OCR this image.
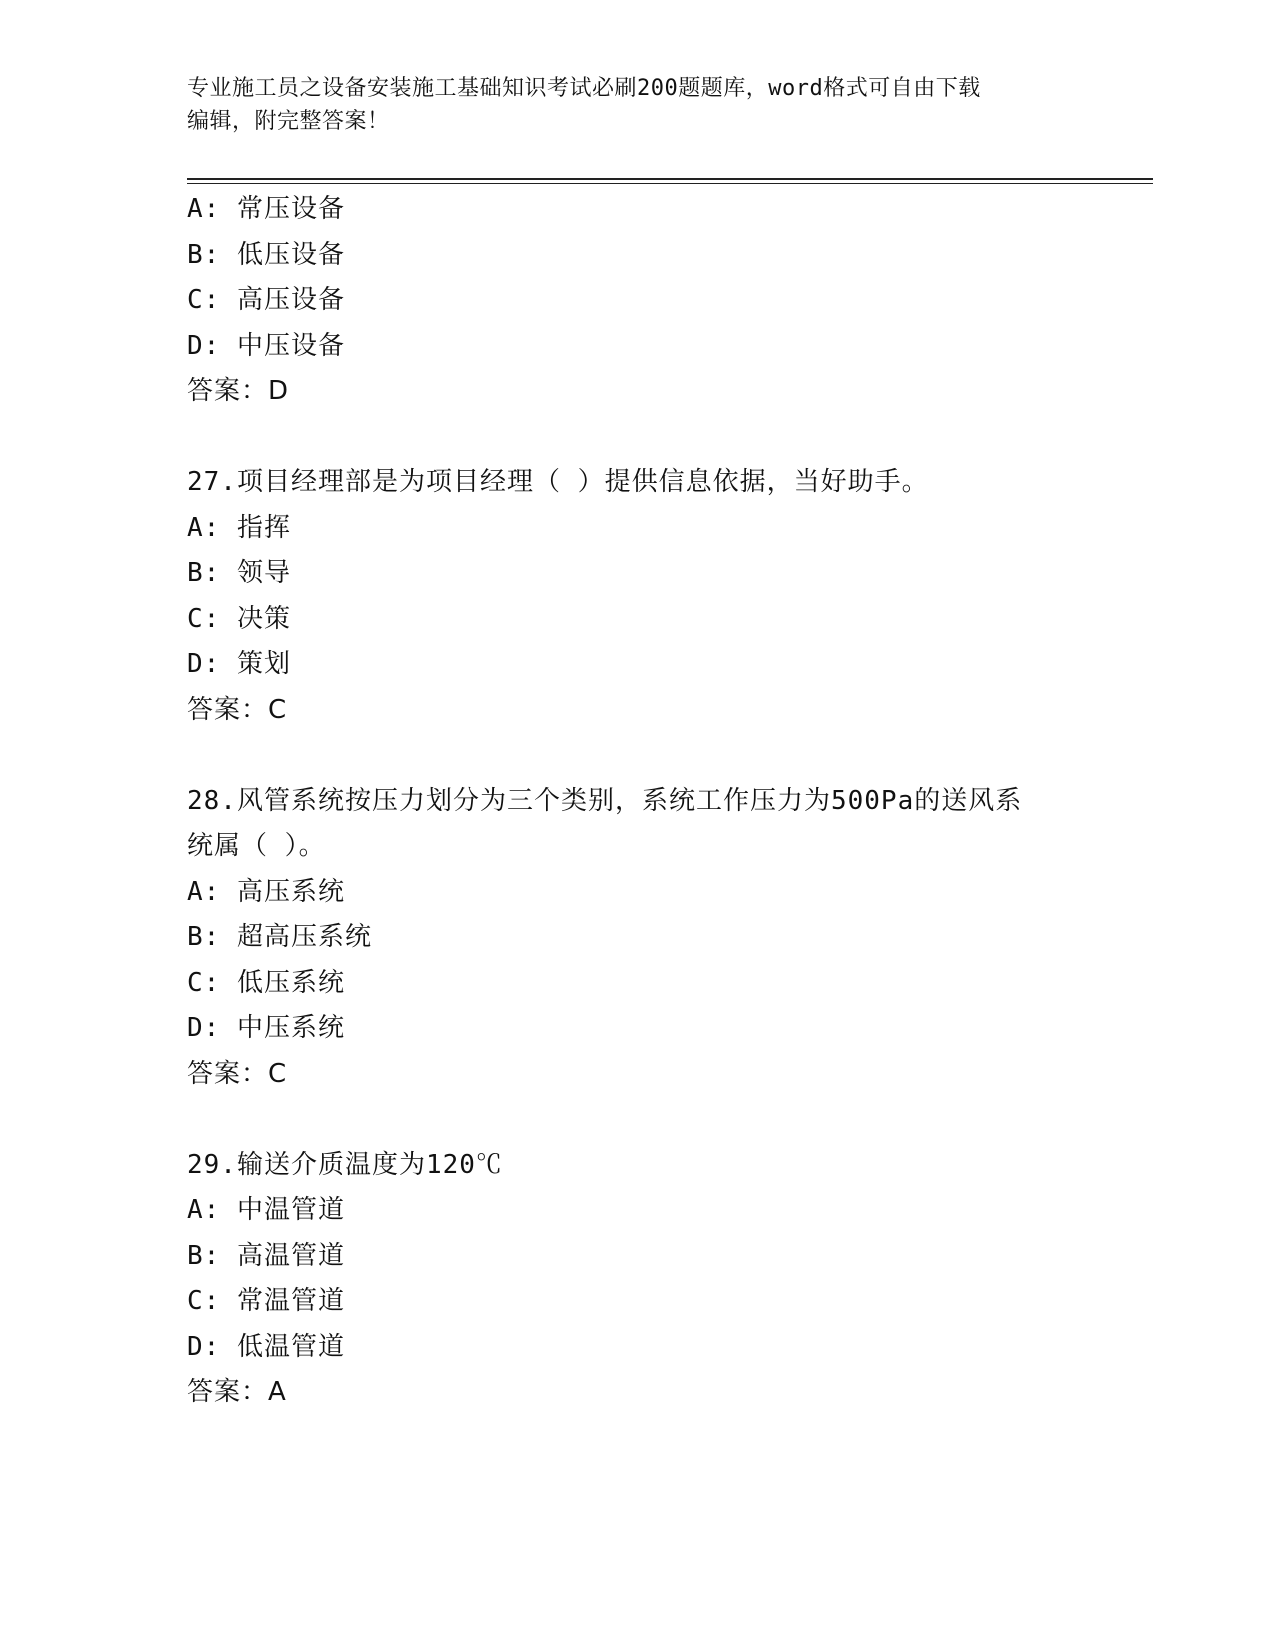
专业施工员之设备安装施工基础知识考试必刷200题题库，word格式可自由下载
编辑，附完整答案！
A: 常压设备
B: 低压设备
C: 高压设备
D: 中压设备
答案：D
27.项目经理部是为项目经理（ ）提供信息依据，当好助手。
A: 指挥
B: 领导
C: 决策
D: 策划
答案：C
28.风管系统按压力划分为三个类别，系统工作压力为500Pa的送风系
统属（ ）。
A: 高压系统
B: 超高压系统
C: 低压系统
D: 中压系统
答案：C
29.输送介质温度为120℃
A: 中温管道
B: 高温管道
C: 常温管道
D: 低温管道
答案：A
